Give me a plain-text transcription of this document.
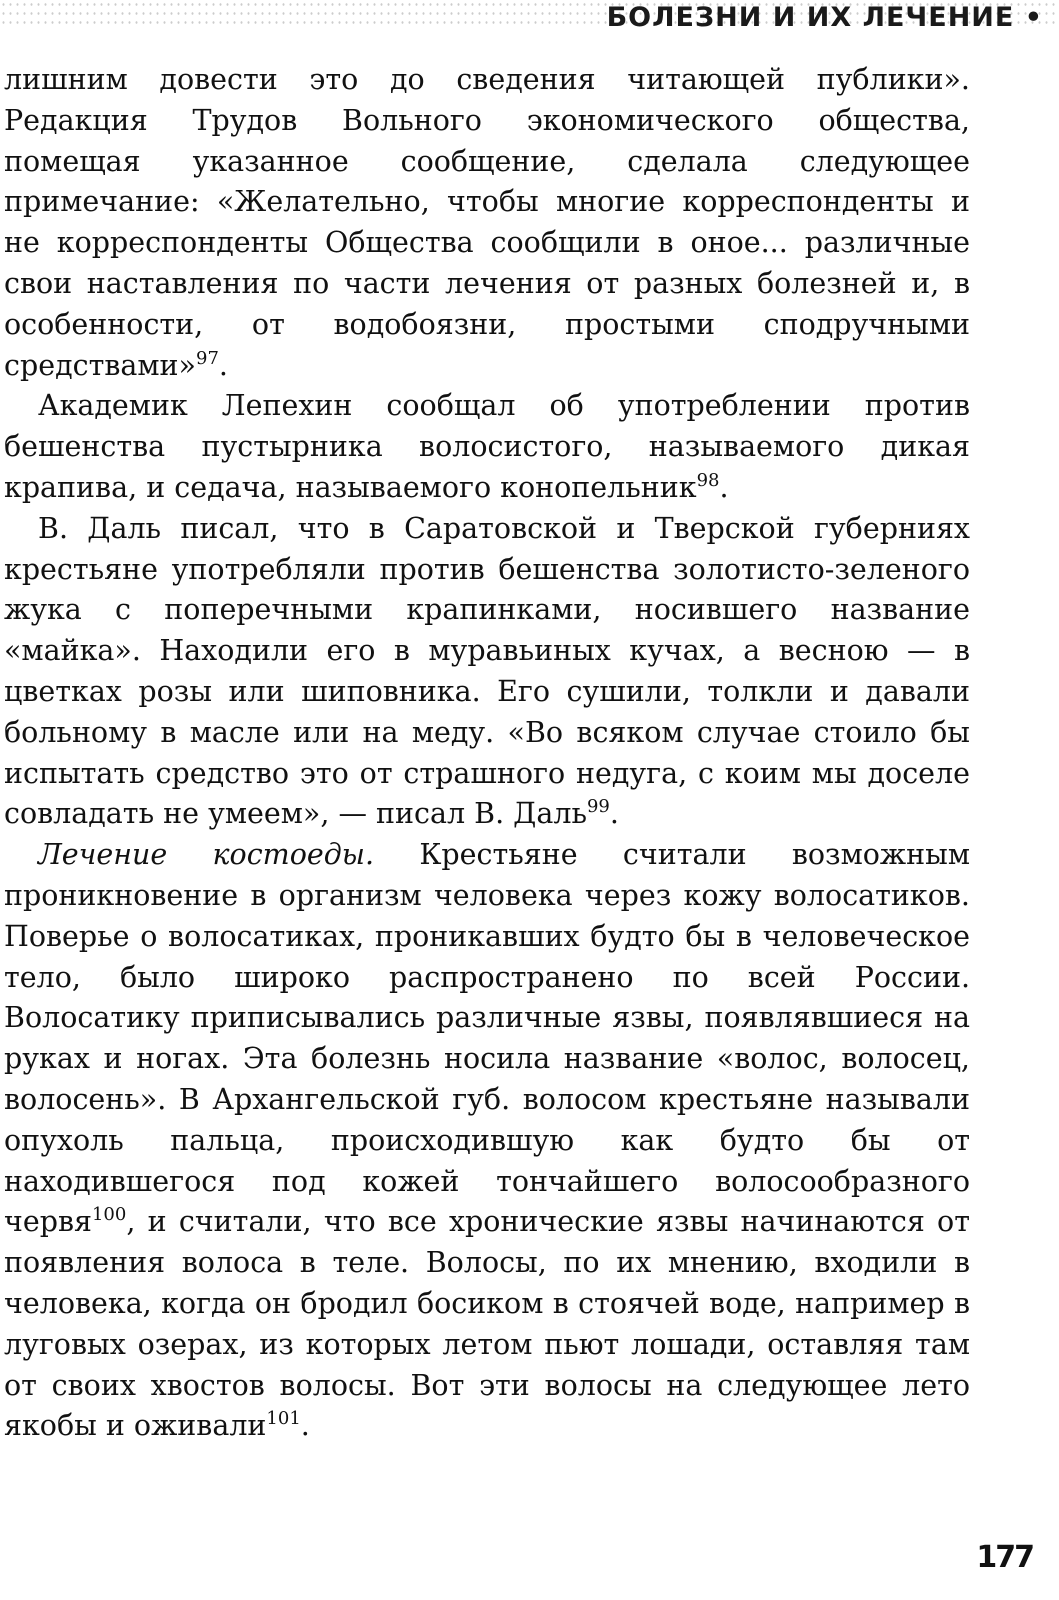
БОЛЕЗНИ И ИХ ЛЕЧЕНИЕ •

лишним довести это до сведения читающей публики». Редакция Трудов Вольного экономического общества, помещая указанное сообщение, сделала следующее примечание: «Желательно, чтобы многие корреспонденты и не корреспонденты Общества сообщили в оное... различные свои наставления по части лечения от разных болезней и, в особенности, от водобоязни, простыми сподручными средствами»$^{97}$.

Академик Лепехин сообщал об употреблении против бешенства пустырника волосистого, называемого дикая крапива, и седача, называемого конопельник$^{98}$.

В. Даль писал, что в Саратовской и Тверской губерниях крестьяне употребляли против бешенства золотисто-зеленого жука с поперечными крапинками, носившего название «майка». Находили его в муравьиных кучах, а весною — в цветках розы или шиповника. Его сушили, толкли и давали больному в масле или на меду. «Во всяком случае стоило бы испытать средство это от страшного недуга, с коим мы доселе совладать не умеем», — писал В. Даль$^{99}$.

Лечение костоеды. Крестьяне считали возможным проникновение в организм человека через кожу волосатиков. Поверье о волосатиках, проникавших будто бы в человеческое тело, было широко распространено по всей России. Волосатику приписывались различные язвы, появлявшиеся на руках и ногах. Эта болезнь носила название «волос, волосец, волосень». В Архангельской губ. волосом крестьяне называли опухоль пальца, происходившую как будто бы от находившегося под кожей тончайшего волосообразного червя$^{100}$, и считали, что все хронические язвы начинаются от появления волоса в теле. Волосы, по их мнению, входили в человека, когда он бродил босиком в стоячей воде, например в луговых озерах, из которых летом пьют лошади, оставляя там от своих хвостов волосы. Вот эти волосы на следующее лето якобы и оживали$^{101}$.

177
